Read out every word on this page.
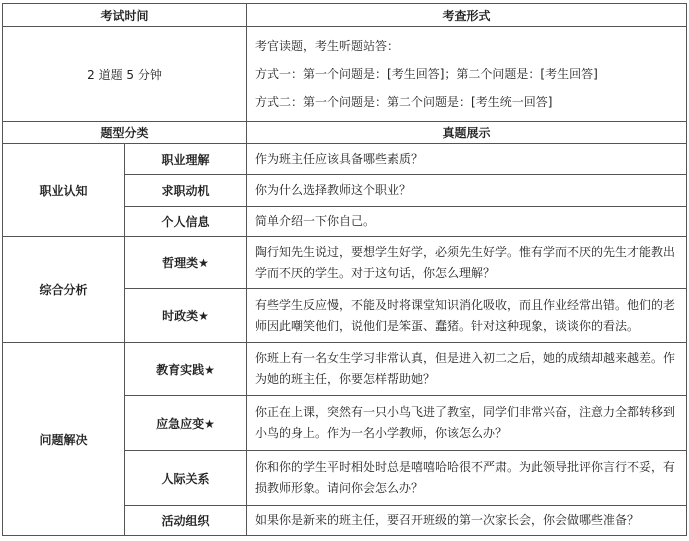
考试时间		考查形式
2 道题 5 分钟		考官读题，考生听题站答：
方式一：第一个问题是：[考生回答]；第二个问题是：[考生回答]
方式二：第一个问题是：第二个问题是：[考生统一回答]

题型分类		真题展示
职业认知	职业理解	作为班主任应该具备哪些素质？
	求职动机	你为什么选择教师这个职业？
	个人信息	简单介绍一下你自己。
综合分析	哲理类★	陶行知先生说过，要想学生好学，必须先生好学。惟有学而不厌的先生才能教出学而不厌的学生。对于这句话，你怎么理解？
	时政类★	有些学生反应慢，不能及时将课堂知识消化吸收，而且作业经常出错。他们的老师因此嘲笑他们，说他们是笨蛋、蠢猪。针对这种现象，谈谈你的看法。
问题解决	教育实践★	你班上有一名女生学习非常认真，但是进入初二之后，她的成绩却越来越差。作为她的班主任，你要怎样帮助她？
	应急应变★	你正在上课，突然有一只小鸟飞进了教室，同学们非常兴奋，注意力全都转移到小鸟的身上。作为一名小学教师，你该怎么办？
	人际关系	你和你的学生平时相处时总是嘻嘻哈哈很不严肃。为此领导批评你言行不妥，有损教师形象。请问你会怎么办？
	活动组织	如果你是新来的班主任，要召开班级的第一次家长会，你会做哪些准备？
